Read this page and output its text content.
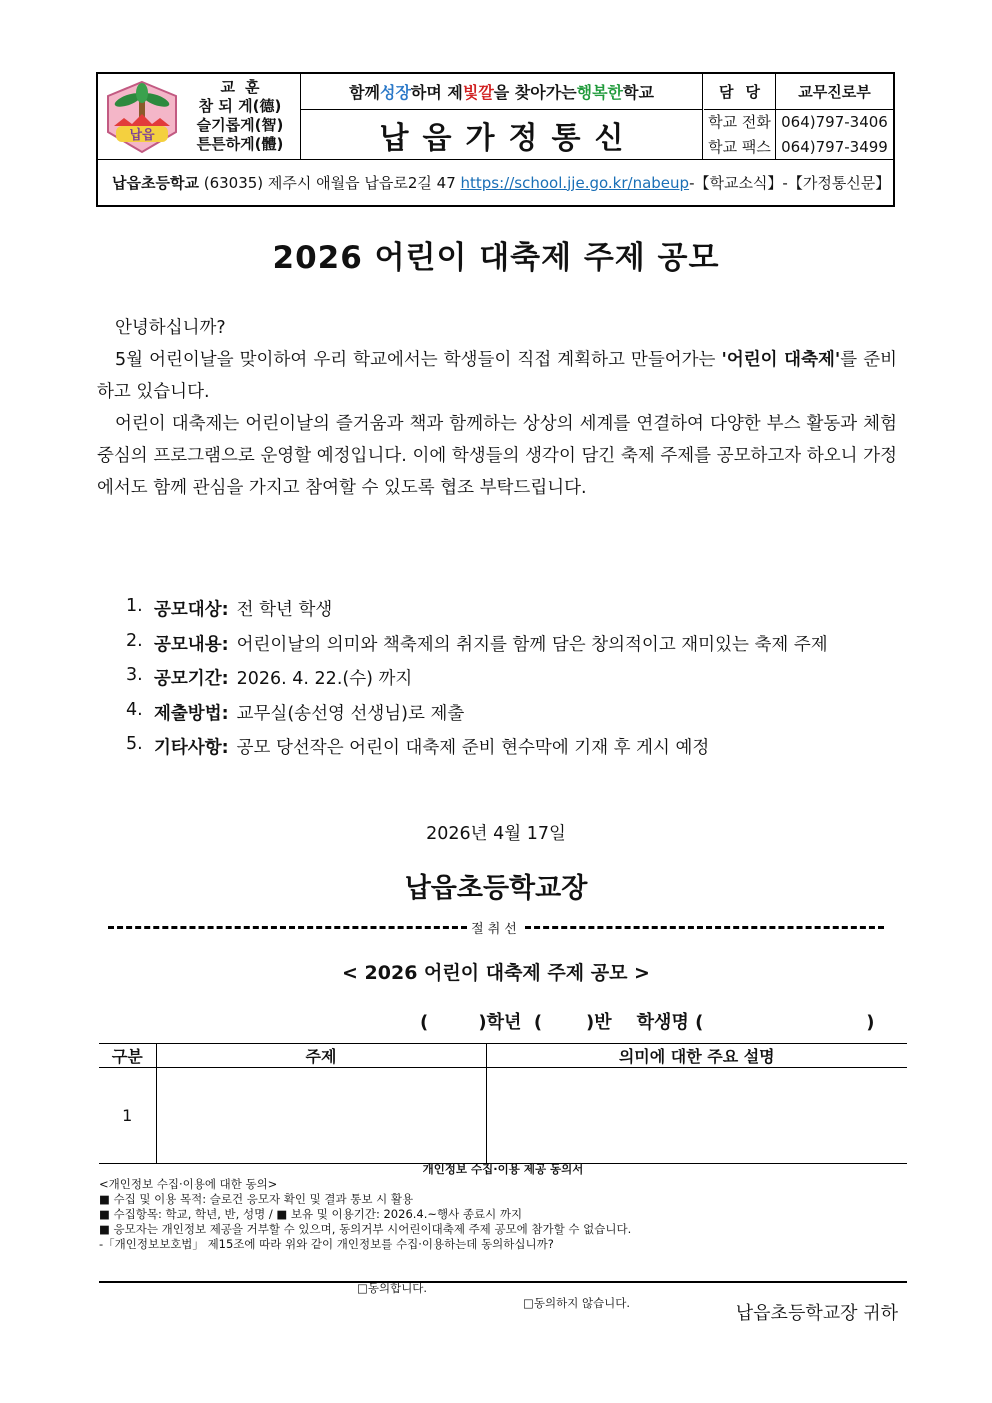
납읍
교훈
참 되 게(德)
슬기롭게(智)
튼튼하게(體)
함께 성장 하며 제 빛깔 을 찾아가는 행복한 학교
납읍가정통신
담당	교무진로부
학교 전화 064)797-3406
학교 팩스 064)797-3499
납읍초등학교 (63035) 제주시 애월읍 납읍로2길 47 https://school.jje.go.kr/nabeup -【학교소식】-【가정통신문】
2026 어린이 대축제 주제 공모
안녕하십니까?
5월 어린이날을 맞이하여 우리 학교에서는 학생들이 직접 계획하고 만들어가는 '어린이 대축제'를 준비하고 있습니다.
어린이 대축제는 어린이날의 즐거움과 책과 함께하는 상상의 세계를 연결하여 다양한 부스 활동과 체험 중심의 프로그램으로 운영할 예정입니다. 이에 학생들의 생각이 담긴 축제 주제를 공모하고자 하오니 가정에서도 함께 관심을 가지고 참여할 수 있도록 협조 부탁드립니다.
1. 공모대상: 전 학년 학생
2. 공모내용: 어린이날의 의미와 책축제의 취지를 함께 담은 창의적이고 재미있는 축제 주제
3. 공모기간: 2026. 4. 22.(수) 까지
4. 제출방법: 교무실(송선영 선생님)로 제출
5. 기타사항: 공모 당선작은 어린이 대축제 준비 현수막에 기재 후 게시 예정
2026년 4월 17일
납읍초등학교장
절취선
< 2026 어린이 대축제 주제 공모 >
(        )학년  (       )반    학생명 (                          )
구분	주제	의미에 대한 주요 설명
1		
개인정보 수집·이용 제공 동의서
<개인정보 수집·이용에 대한 동의>
■ 수집 및 이용 목적: 슬로건 응모자 확인 및 결과 통보 시 활용
■ 수집항목: 학교, 학년, 반, 성명 / ■ 보유 및 이용기간: 2026.4.~행사 종료시 까지
■ 응모자는 개인정보 제공을 거부할 수 있으며, 동의거부 시어린이대축제 주제 공모에 참가할 수 없습니다.
-「개인정보보호법」 제15조에 따라 위와 같이 개인정보를 수집·이용하는데 동의하십니까?

□동의합니다.

□동의하지 않습니다.

	납읍초등학교장 귀하
